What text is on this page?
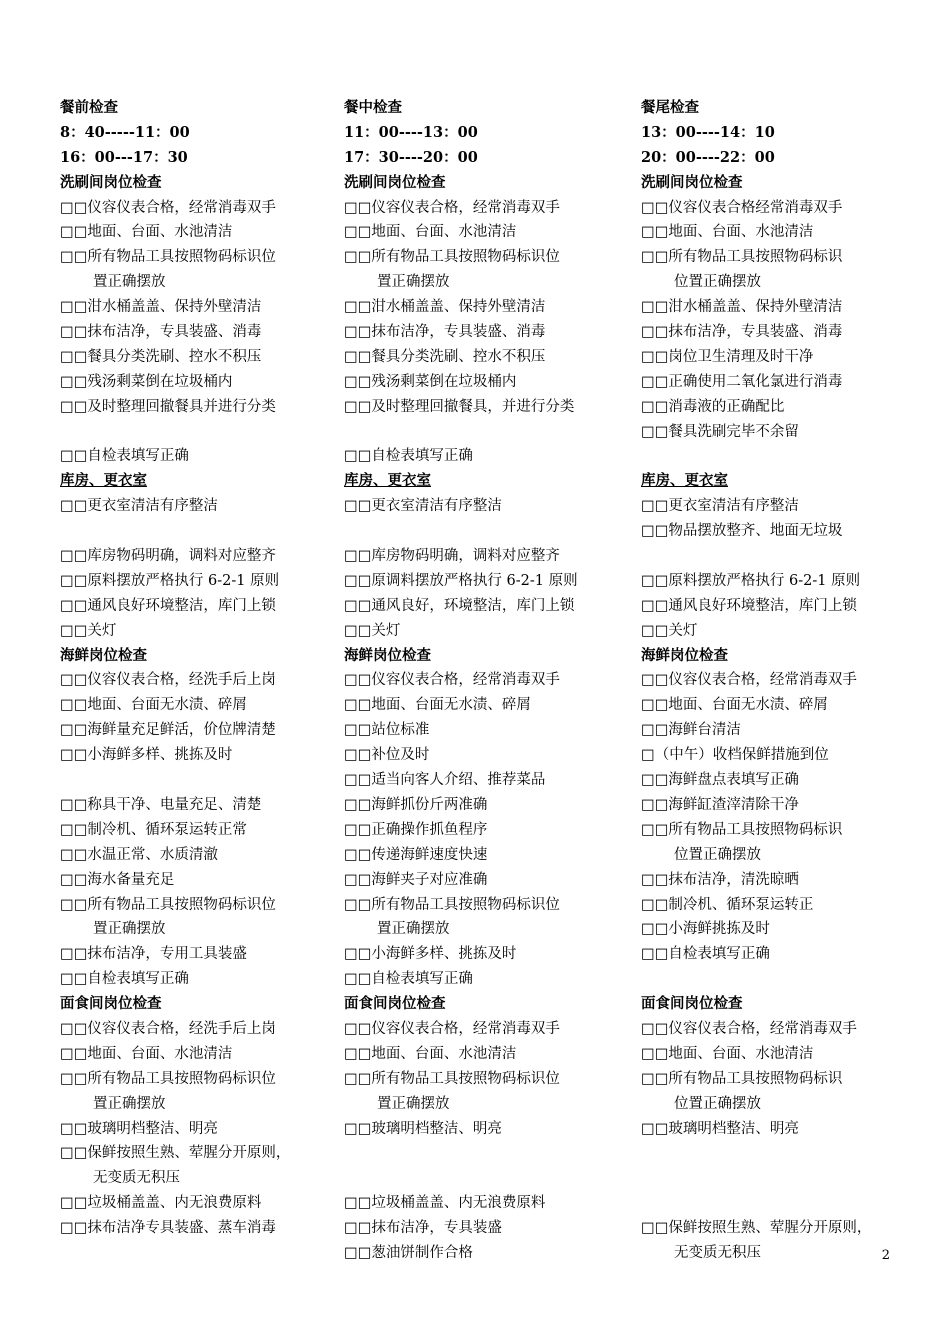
餐前检查
8：40-----11：00
16：00---17：30
洗刷间岗位检查
□□仪容仪表合格，经常消毒双手
□□地面、台面、水池清洁
□□所有物品工具按照物码标识位
置正确摆放
□□泔水桶盖盖、保持外壁清洁
□□抹布洁净，专具装盛、消毒
□□餐具分类洗刷、控水不积压
□□残汤剩菜倒在垃圾桶内
□□及时整理回撤餐具并进行分类
□□自检表填写正确
库房、更衣室
□□更衣室清洁有序整洁
□□库房物码明确，调料对应整齐
□□原料摆放严格执行 6-2-1 原则
□□通风良好环境整洁，库门上锁
□□关灯
海鲜岗位检查
□□仪容仪表合格，经洗手后上岗
□□地面、台面无水渍、碎屑
□□海鲜量充足鲜活，价位牌清楚
□□小海鲜多样、挑拣及时
□□称具干净、电量充足、清楚
□□制冷机、循环泵运转正常
□□水温正常、水质清澈
□□海水备量充足
□□所有物品工具按照物码标识位
置正确摆放
□□抹布洁净，专用工具装盛
□□自检表填写正确
面食间岗位检查
□□仪容仪表合格，经洗手后上岗
□□地面、台面、水池清洁
□□所有物品工具按照物码标识位
置正确摆放
□□玻璃明档整洁、明亮
□□保鲜按照生熟、荤腥分开原则，
无变质无积压
□□垃圾桶盖盖、内无浪费原料
□□抹布洁净专具装盛、蒸车消毒
餐中检查
11：00----13：00
17：30----20：00
洗刷间岗位检查
□□仪容仪表合格，经常消毒双手
□□地面、台面、水池清洁
□□所有物品工具按照物码标识位
置正确摆放
□□泔水桶盖盖、保持外壁清洁
□□抹布洁净，专具装盛、消毒
□□餐具分类洗刷、控水不积压
□□残汤剩菜倒在垃圾桶内
□□及时整理回撤餐具，并进行分类
□□自检表填写正确
库房、更衣室
□□更衣室清洁有序整洁
□□库房物码明确，调料对应整齐
□□原调料摆放严格执行 6-2-1 原则
□□通风良好，环境整洁，库门上锁
□□关灯
海鲜岗位检查
□□仪容仪表合格，经常消毒双手
□□地面、台面无水渍、碎屑
□□站位标准
□□补位及时
□□适当向客人介绍、推荐菜品
□□海鲜抓份斤两准确
□□正确操作抓鱼程序
□□传递海鲜速度快速
□□海鲜夹子对应准确
□□所有物品工具按照物码标识位
置正确摆放
□□小海鲜多样、挑拣及时
□□自检表填写正确
面食间岗位检查
□□仪容仪表合格，经常消毒双手
□□地面、台面、水池清洁
□□所有物品工具按照物码标识位
置正确摆放
□□玻璃明档整洁、明亮
□□垃圾桶盖盖、内无浪费原料
□□抹布洁净，专具装盛
□□葱油饼制作合格
餐尾检查
13：00----14：10
20：00----22：00
洗刷间岗位检查
□□仪容仪表合格经常消毒双手
□□地面、台面、水池清洁
□□所有物品工具按照物码标识
位置正确摆放
□□泔水桶盖盖、保持外壁清洁
□□抹布洁净，专具装盛、消毒
□□岗位卫生清理及时干净
□□正确使用二氧化氯进行消毒
□□消毒液的正确配比
□□餐具洗刷完毕不余留
库房、更衣室
□□更衣室清洁有序整洁
□□物品摆放整齐、地面无垃圾
□□原料摆放严格执行 6-2-1 原则
□□通风良好环境整洁，库门上锁
□□关灯
海鲜岗位检查
□□仪容仪表合格，经常消毒双手
□□地面、台面无水渍、碎屑
□□海鲜台清洁
□（中午）收档保鲜措施到位
□□海鲜盘点表填写正确
□□海鲜缸渣滓清除干净
□□所有物品工具按照物码标识
位置正确摆放
□□抹布洁净，清洗晾晒
□□制冷机、循环泵运转正
□□小海鲜挑拣及时
□□自检表填写正确
面食间岗位检查
□□仪容仪表合格，经常消毒双手
□□地面、台面、水池清洁
□□所有物品工具按照物码标识
位置正确摆放
□□玻璃明档整洁、明亮
□□保鲜按照生熟、荤腥分开原则，
无变质无积压	2
